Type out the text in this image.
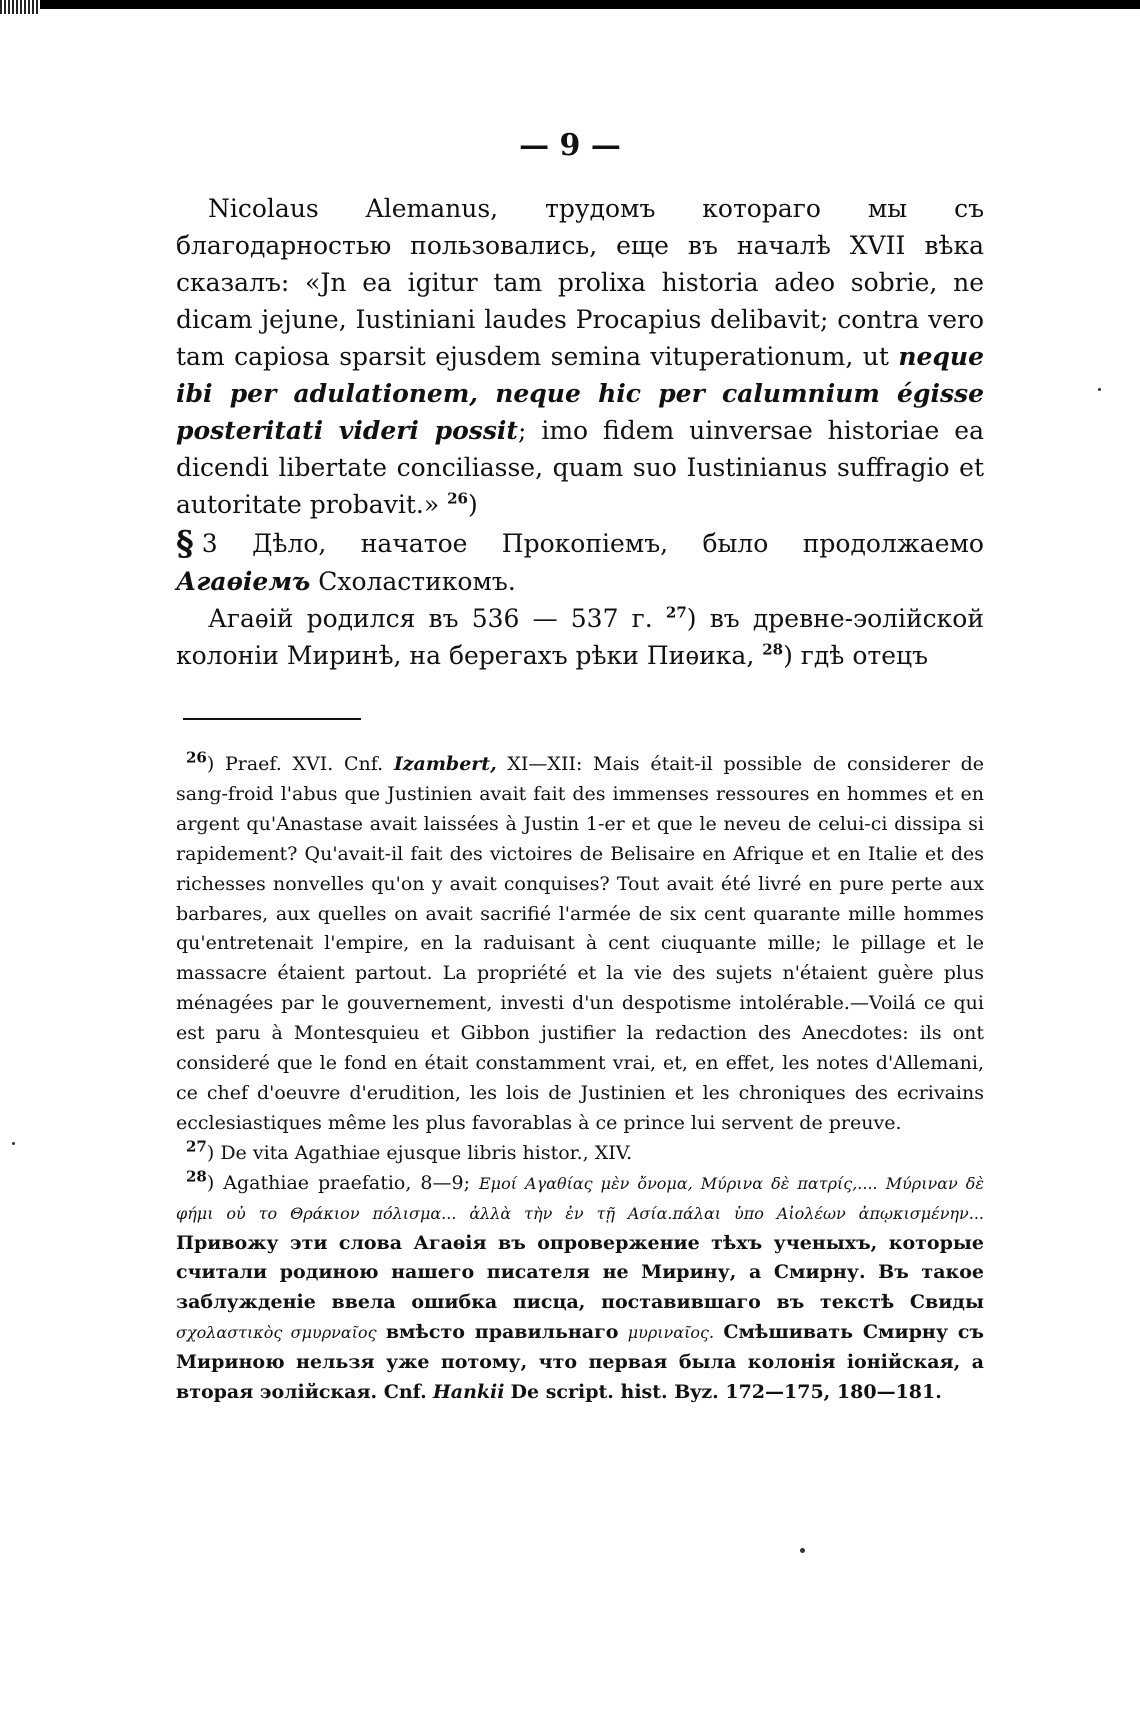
— 9 —

Nicolaus Alemanus, трудомъ котораго мы съ благодарностью пользовались, еще въ началѣ XVII вѣка сказалъ: «Jn ea igitur tam prolixa historia adeo sobrie, ne dicam jejune, Iustiniani laudes Procapius delibavit; contra vero tam capiosa sparsit ejusdem semina vituperationum, ut neque ibi per adulationem, neque hic per calumnium égisse posteritati videri possit; imo fidem uinversae historiae ea dicendi libertate conciliasse, quam suo Iustinianus suffragio et autoritate probavit.» $^{26}$)

§ 3 Дѣло, начатое Прокопіемъ, было продолжаемо Агаѳіемъ Схоластикомъ.

Агаѳій родился въ 536 — 537 г. $^{27}$) въ древне-эолійской колоніи Миринѣ, на берегахъ рѣки Пиѳика, $^{28}$) гдѣ отецъ

$^{26}$) Praef. XVI. Cnf. Izambert, XI—XII: Mais était-il possible de considerer de sang-froid l'abus que Justinien avait fait des immenses ressoures en hommes et en argent qu'Anastase avait laissées à Justin 1-er et que le neveu de celui-ci dissipa si rapidement? Qu'avait-il fait des victoires de Belisaire en Afrique et en Italie et des richesses nonvelles qu'on y avait conquises? Tout avait été livré en pure perte aux barbares, aux quelles on avait sacrifié l'armée de six cent quarante mille hommes qu'entretenait l'empire, en la raduisant à cent ciuquante mille; le pillage et le massacre étaient partout. La propriété et la vie des sujets n'étaient guère plus ménagées par le gouvernement, investi d'un despotisme intolérable.—Voilá ce qui est paru à Montesquieu et Gibbon justifier la redaction des Anecdotes: ils ont consideré que le fond en était constamment vrai, et, en effet, les notes d'Allemani, ce chef d'oeuvre d'erudition, les lois de Justinien et les chroniques des ecrivains ecclesiastiques même les plus favorablas à ce prince lui servent de preuve.

$^{27}$) De vita Agathiae ejusque libris histor., XIV.

$^{28}$) Agathiae praefatio, 8—9; Εμοί Αγαθίας μὲν ὄνομα, Μύρινα δὲ πατρίς,.... Μύριναν δὲ φήμι οὐ το Θράκιον πόλισμα... ἀλλὰ τὴν ἐν τῇ Ασία.πάλαι ὑπο Αἰολέων ἀπῳκισμένην... Привожу эти слова Агаѳія въ опровержение тѣхъ ученыхъ, которые считали родиною нашего писателя не Мирину, а Смирну. Въ такое заблужденіе ввела ошибка писца, поставившаго въ текстѣ Свиды σχολαστικὸς σμυρναῖος вмѣсто правильнаго μυριναῖος. Смѣшивать Смирну съ Мириною нельзя уже потому, что первая была колонія іонійская, а вторая эолійская. Cnf. Hankii De script. hist. Byz. 172—175, 180—181.
